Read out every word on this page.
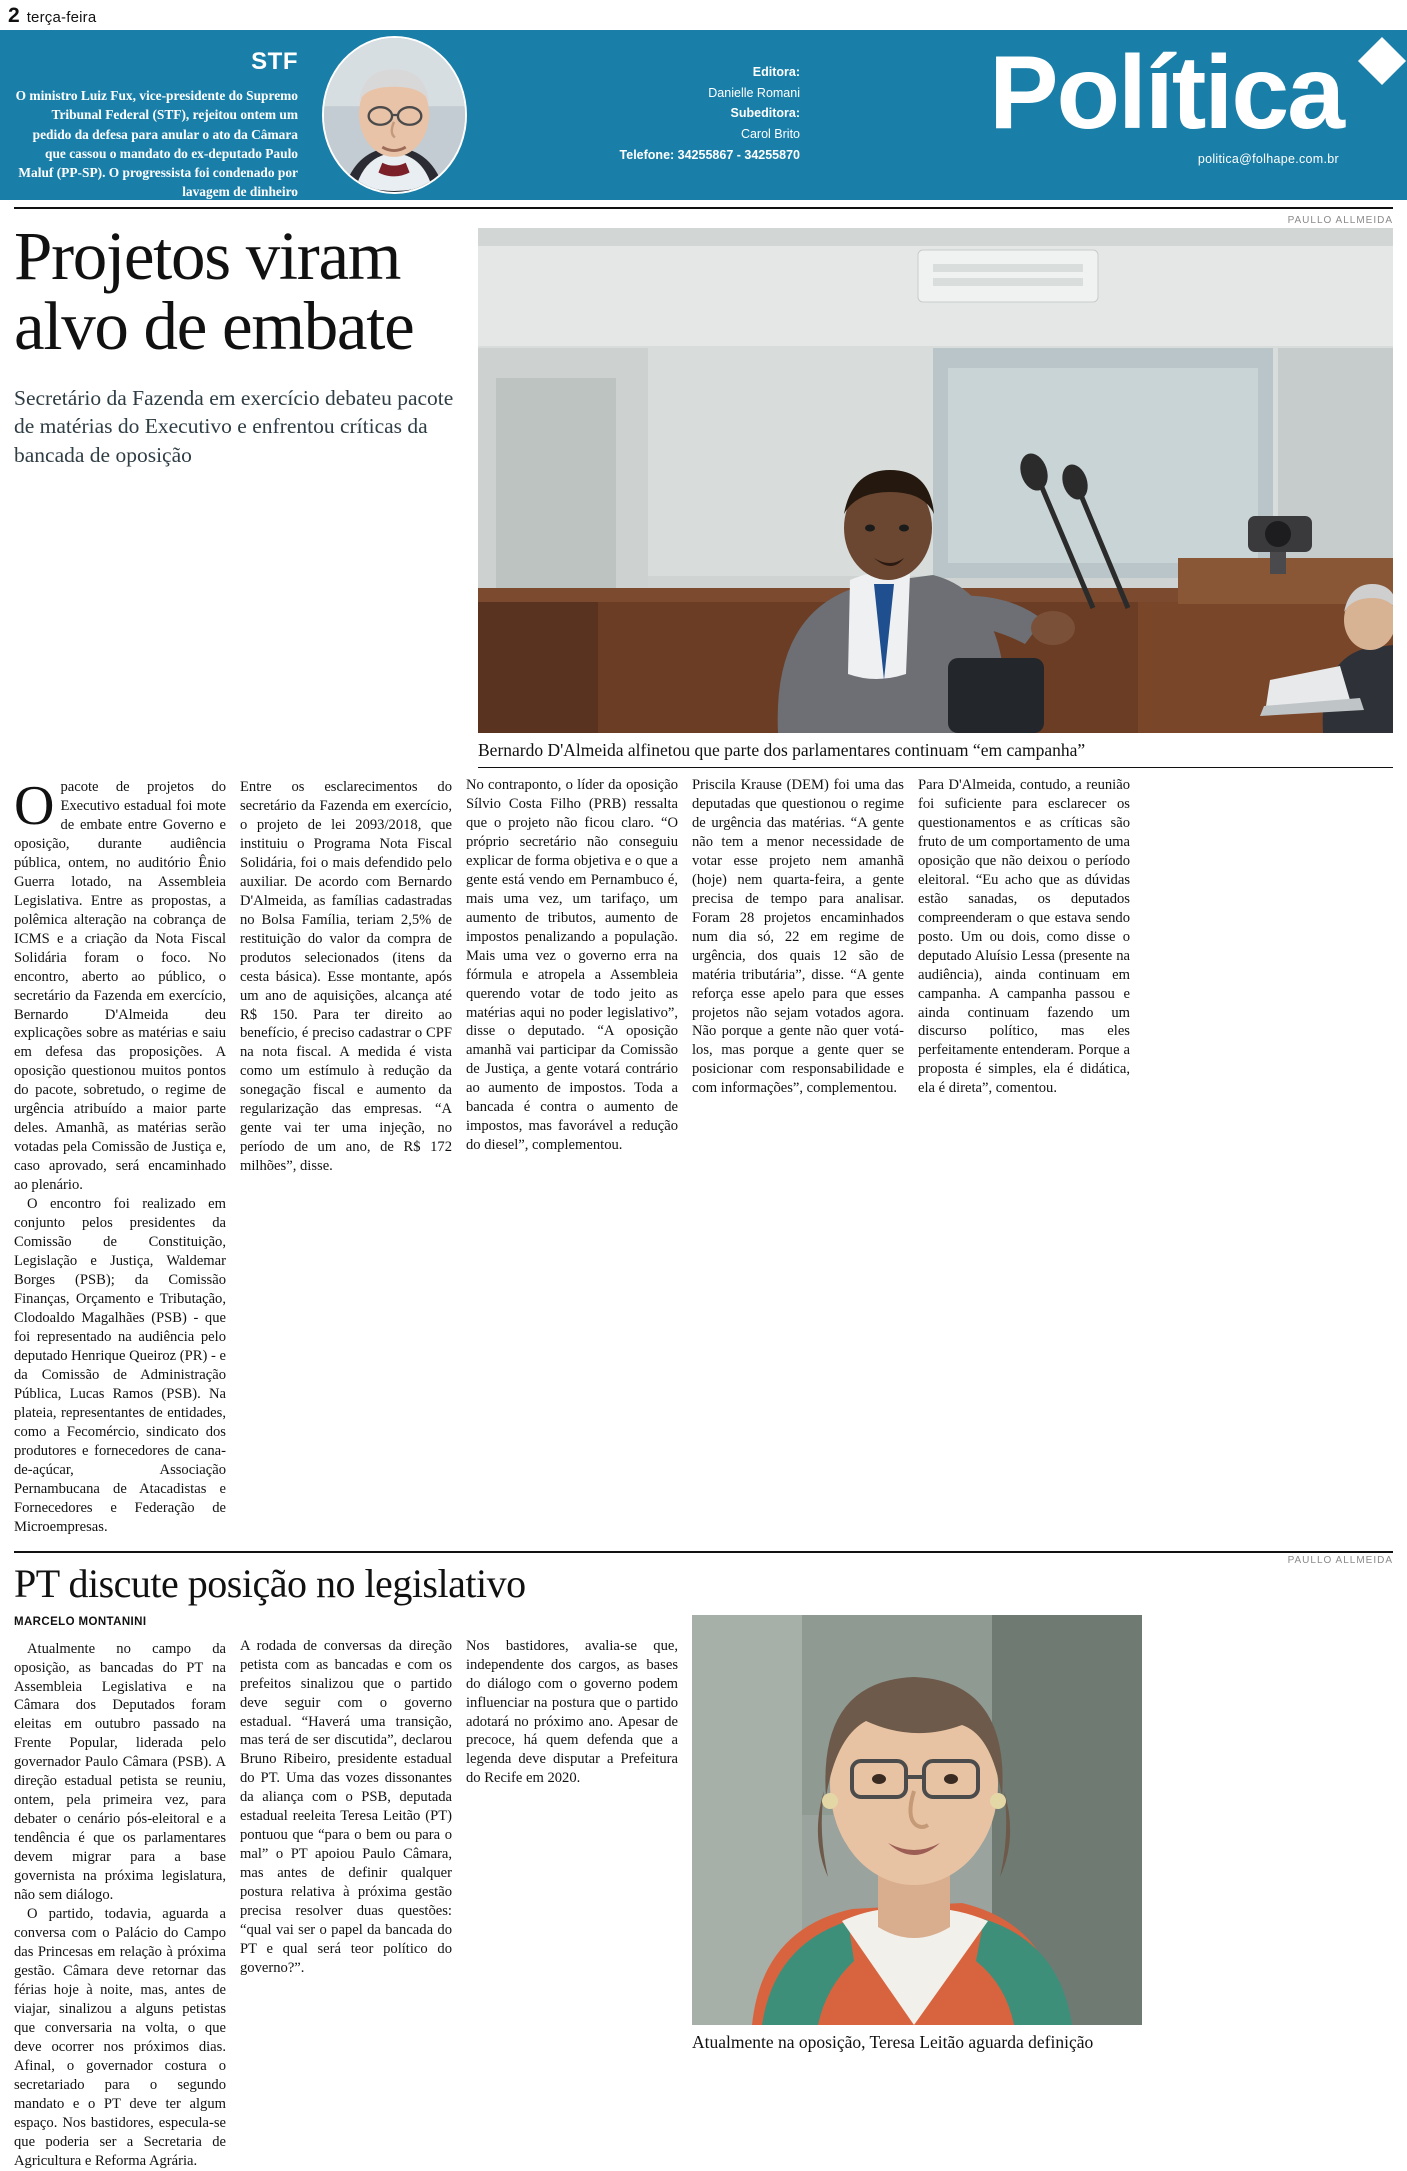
2 terça-feira	Recife, 20 de novembro de 2018 > FolhadePernambuco
STF
O ministro Luiz Fux, vice-presidente do Supremo Tribunal Federal (STF), rejeitou ontem um pedido da defesa para anular o ato da Câmara que cassou o mandato do ex-deputado Paulo Maluf (PP-SP). O progressista foi condenado por lavagem de dinheiro
Editora:
Danielle Romani
Subeditora:
Carol Brito
Telefone: 34255867 - 34255870
Política
politica@folhape.com.br
Projetos viram alvo de embate
Secretário da Fazenda em exercício debateu pacote de matérias do Executivo e enfrentou críticas da bancada de oposição
PAULLO ALLMEIDA
Bernardo D'Almeida alfinetou que parte dos parlamentares continuam “em campanha”

Opacote de projetos do Executivo estadual foi mote de embate entre Governo e oposição, durante audiência pública, ontem, no auditório Ênio Guerra lotado, na Assembleia Legislativa. Entre as propostas, a polêmica alteração na cobrança de ICMS e a criação da Nota Fiscal Solidária foram o foco. No encontro, aberto ao público, o secretário da Fazenda em exercício, Bernardo D'Almeida deu explicações sobre as matérias e saiu em defesa das proposições. A oposição questionou muitos pontos do pacote, sobretudo, o regime de urgência atribuído a maior parte deles. Amanhã, as matérias serão votadas pela Comissão de Justiça e, caso aprovado, será encaminhado ao plenário.

O encontro foi realizado em conjunto pelos presidentes da Comissão de Constituição, Legislação e Justiça, Waldemar Borges (PSB); da Comissão Finanças, Orçamento e Tributação, Clodoaldo Magalhães (PSB) - que foi representado na audiência pelo deputado Henrique Queiroz (PR) - e da Comissão de Administração Pública, Lucas Ramos (PSB). Na plateia, representantes de entidades, como a Fecomércio, sindicato dos produtores e fornecedores de cana-de-açúcar, Associação Pernambucana de Atacadistas e Fornecedores e Federação de Microempresas.

Entre os esclarecimentos do secretário da Fazenda em exercício, o projeto de lei 2093/2018, que instituiu o Programa Nota Fiscal Solidária, foi o mais defendido pelo auxiliar. De acordo com Bernardo D'Almeida, as famílias cadastradas no Bolsa Família, teriam 2,5% de restituição do valor da compra de produtos selecionados (itens da cesta básica). Esse montante, após um ano de aquisições, alcança até R$ 150. Para ter direito ao benefício, é preciso cadastrar o CPF na nota fiscal. A medida é vista como um estímulo à redução da sonegação fiscal e aumento da regularização das empresas. “A gente vai ter uma injeção, no período de um ano, de R$ 172 milhões”, disse.

No contraponto, o líder da oposição Sílvio Costa Filho (PRB) ressalta que o projeto não ficou claro. “O próprio secretário não conseguiu explicar de forma objetiva e o que a gente está vendo em Pernambuco é, mais uma vez, um tarifaço, um aumento de tributos, aumento de impostos penalizando a população. Mais uma vez o governo erra na fórmula e atropela a Assembleia querendo votar de todo jeito as matérias aqui no poder legislativo”, disse o deputado. “A oposição amanhã vai participar da Comissão de Justiça, a gente votará contrário ao aumento de impostos. Toda a bancada é contra o aumento de impostos, mas favorável a redução do diesel”, complementou.

Priscila Krause (DEM) foi uma das deputadas que questionou o regime de urgência das matérias. “A gente não tem a menor necessidade de votar esse projeto nem amanhã (hoje) nem quarta-feira, a gente precisa de tempo para analisar. Foram 28 projetos encaminhados num dia só, 22 em regime de urgência, dos quais 12 são de matéria tributária”, disse. “A gente reforça esse apelo para que esses projetos não sejam votados agora. Não porque a gente não quer votá-los, mas porque a gente quer se posicionar com responsabilidade e com informações”, complementou.

Para D'Almeida, contudo, a reunião foi suficiente para esclarecer os questionamentos e as críticas são fruto de um comportamento de uma oposição que não deixou o período eleitoral. “Eu acho que as dúvidas estão sanadas, os deputados compreenderam o que estava sendo posto. Um ou dois, como disse o deputado Aluísio Lessa (presente na audiência), ainda continuam em campanha. A campanha passou e ainda continuam fazendo um discurso político, mas eles perfeitamente entenderam. Porque a proposta é simples, ela é didática, ela é direta”, comentou.

PT discute posição no legislativo
PAULLO ALLMEIDA
MARCELO MONTANINI

Atualmente no campo da oposição, as bancadas do PT na Assembleia Legislativa e na Câmara dos Deputados foram eleitas em outubro passado na Frente Popular, liderada pelo governador Paulo Câmara (PSB). A direção estadual petista se reuniu, ontem, pela primeira vez, para debater o cenário pós-eleitoral e a tendência é que os parlamentares devem migrar para a base governista na próxima legislatura, não sem diálogo.

O partido, todavia, aguarda a conversa com o Palácio do Campo das Princesas em relação à próxima gestão. Câmara deve retornar das férias hoje à noite, mas, antes de viajar, sinalizou a alguns petistas que conversaria na volta, o que deve ocorrer nos próximos dias. Afinal, o governador costura o secretariado para o segundo mandato e o PT deve ter algum espaço. Nos bastidores, especula-se que poderia ser a Secretaria de Agricultura e Reforma Agrária.

A rodada de conversas da direção petista com as bancadas e com os prefeitos sinalizou que o partido deve seguir com o governo estadual. “Haverá uma transição, mas terá de ser discutida”, declarou Bruno Ribeiro, presidente estadual do PT. Uma das vozes dissonantes da aliança com o PSB, deputada estadual reeleita Teresa Leitão (PT) pontuou que “para o bem ou para o mal” o PT apoiou Paulo Câmara, mas antes de definir qualquer postura relativa à próxima gestão precisa resolver duas questões: “qual vai ser o papel da bancada do PT e qual será teor político do governo?”.

Nos bastidores, avalia-se que, independente dos cargos, as bases do diálogo com o governo podem influenciar na postura que o partido adotará no próximo ano. Apesar de precoce, há quem defenda que a legenda deve disputar a Prefeitura do Recife em 2020.

Atualmente na oposição, Teresa Leitão aguarda definição
